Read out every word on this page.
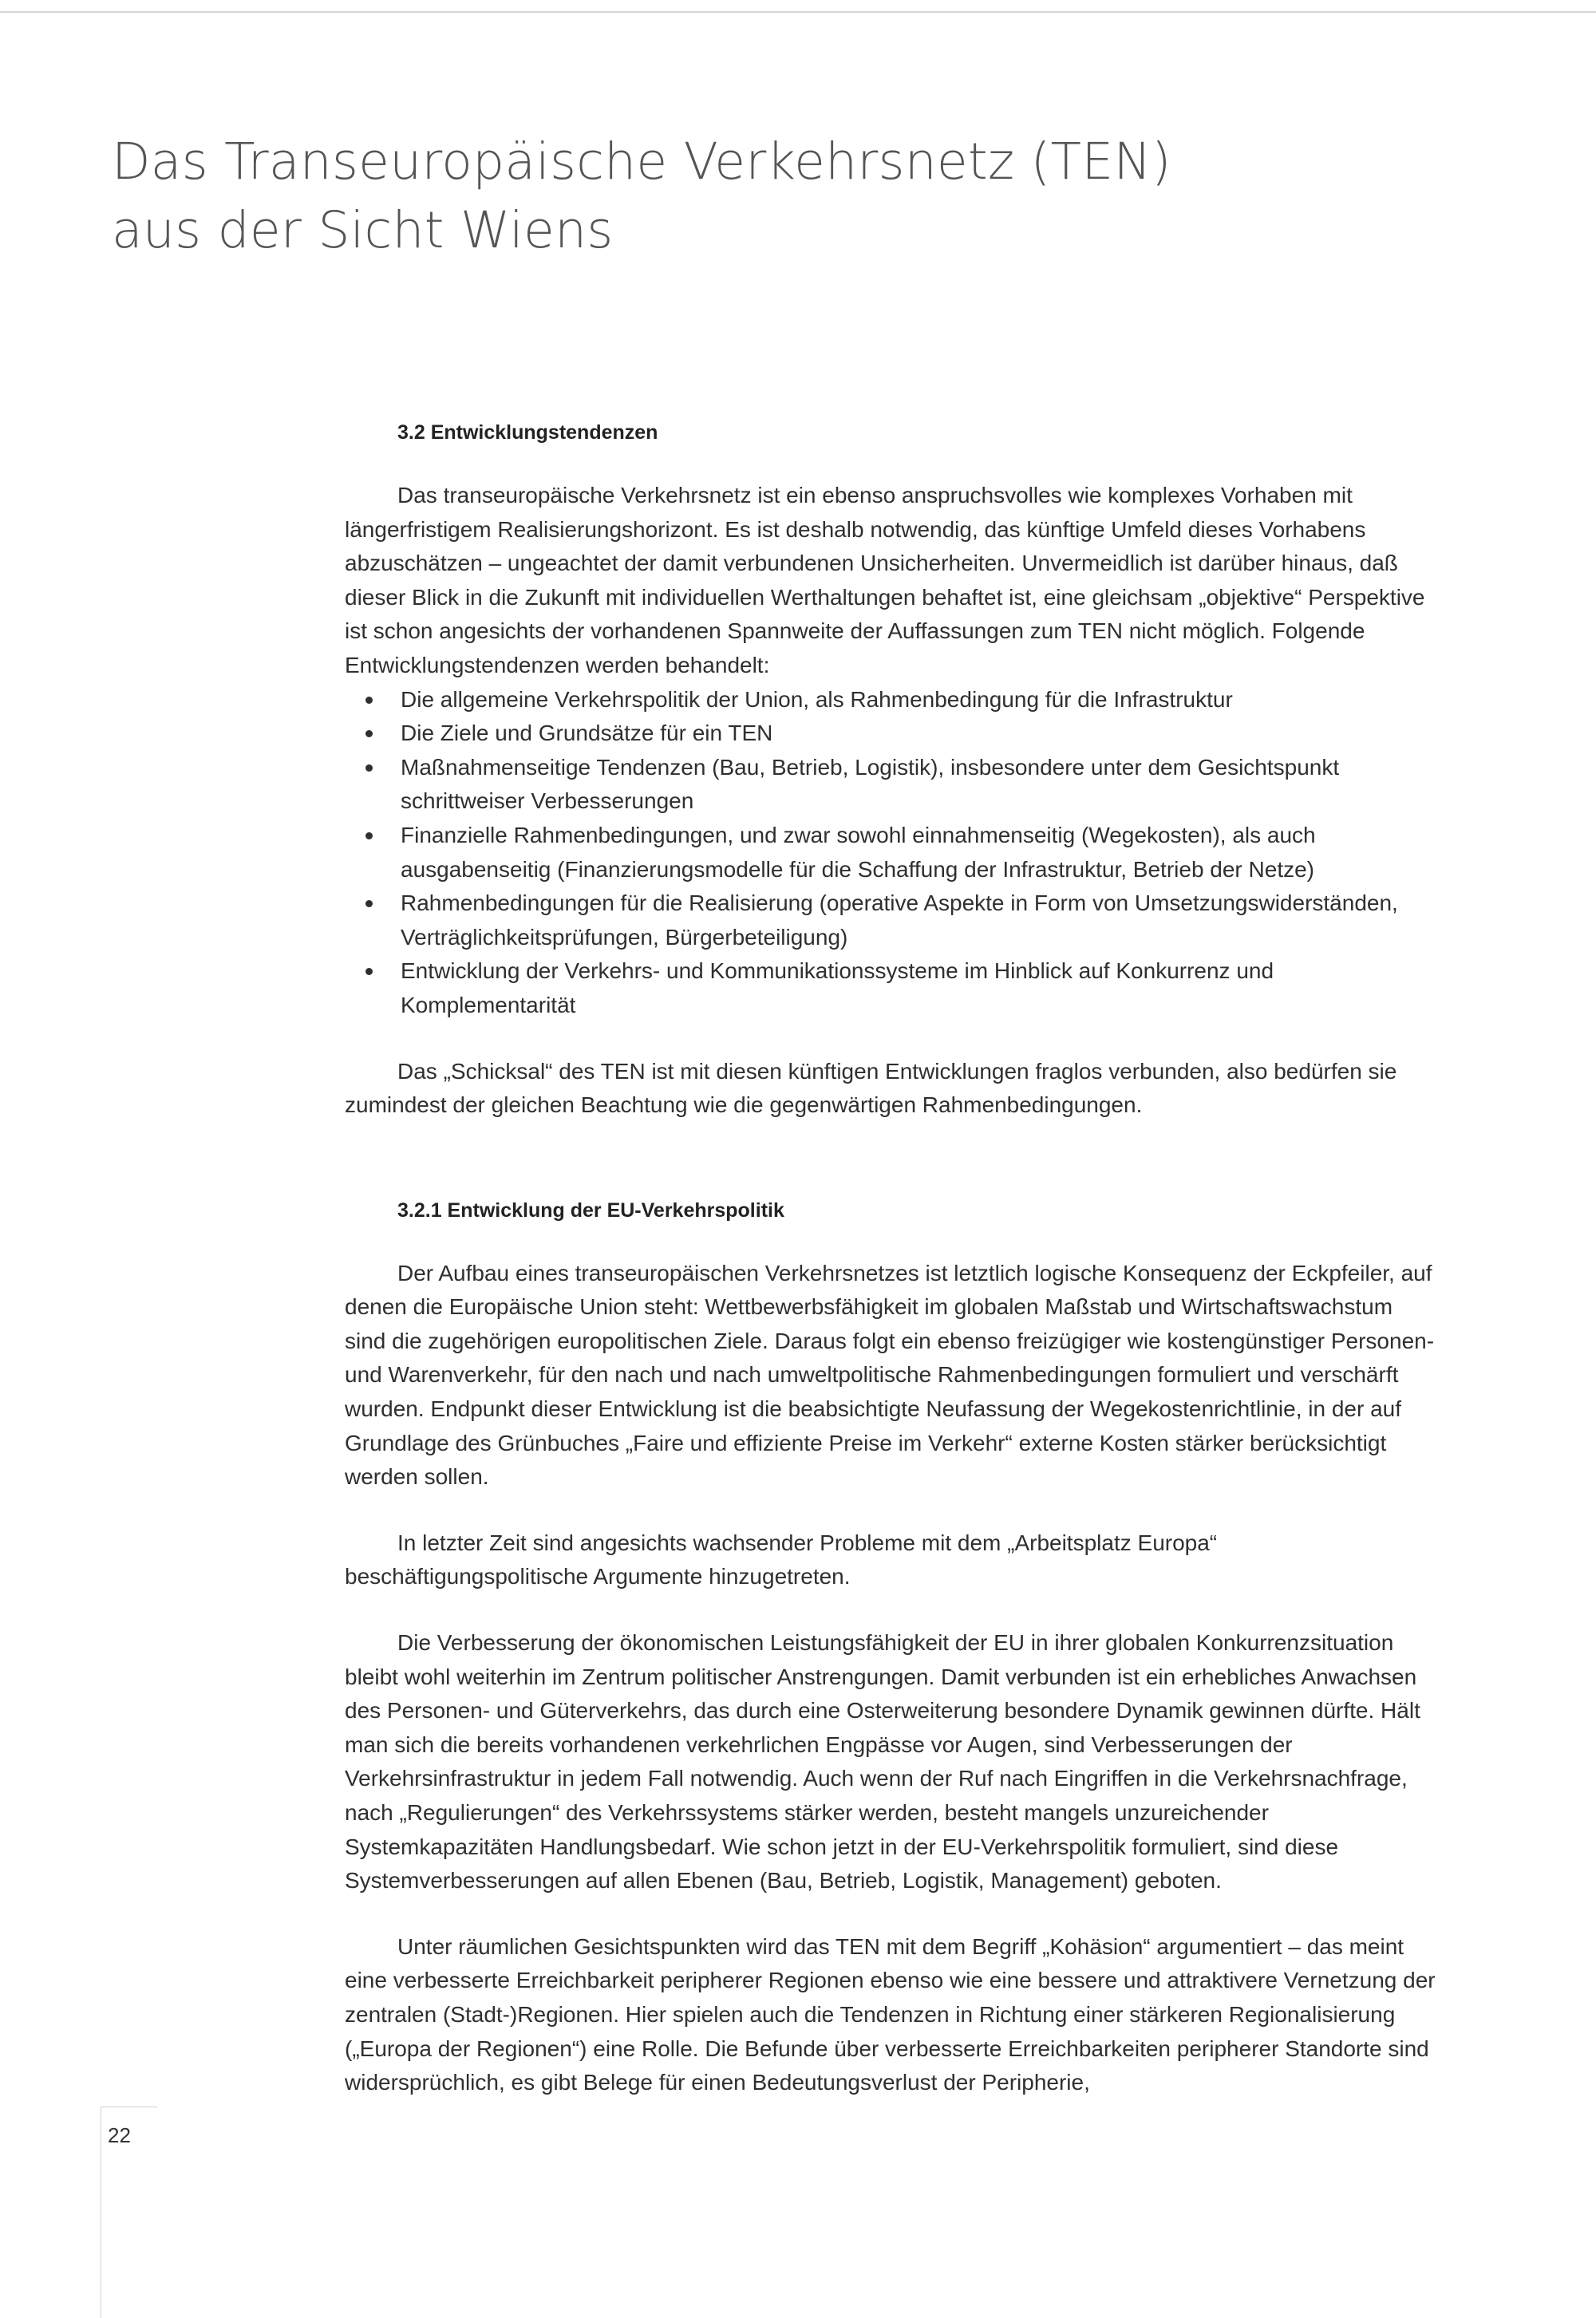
Das Transeuropäische Verkehrsnetz (TEN)
aus der Sicht Wiens
3.2 Entwicklungstendenzen

Das transeuropäische Verkehrsnetz ist ein ebenso anspruchsvolles wie komplexes Vorhaben mit längerfristigem Realisierungshorizont. Es ist deshalb notwendig, das künftige Umfeld dieses Vorhabens abzuschätzen – ungeachtet der damit verbundenen Unsicherheiten. Unvermeidlich ist darüber hinaus, daß dieser Blick in die Zukunft mit individuellen Werthaltungen behaftet ist, eine gleichsam „objektive“ Perspektive ist schon angesichts der vorhandenen Spannweite der Auffassungen zum TEN nicht möglich. Folgende Entwicklungstendenzen werden behandelt:

Die allgemeine Verkehrspolitik der Union, als Rahmenbedingung für die Infrastruktur
Die Ziele und Grundsätze für ein TEN
Maßnahmenseitige Tendenzen (Bau, Betrieb, Logistik), insbesondere unter dem Gesichtspunkt schrittweiser Verbesserungen
Finanzielle Rahmenbedingungen, und zwar sowohl einnahmenseitig (Wegekosten), als auch ausgabenseitig (Finanzierungsmodelle für die Schaffung der Infrastruktur, Betrieb der Netze)
Rahmenbedingungen für die Realisierung (operative Aspekte in Form von Umsetzungswiderständen, Verträglichkeitsprüfungen, Bürgerbeteiligung)
Entwicklung der Verkehrs- und Kommunikationssysteme im Hinblick auf Konkurrenz und Komplementarität

Das „Schicksal“ des TEN ist mit diesen künftigen Entwicklungen fraglos verbunden, also bedürfen sie zumindest der gleichen Beachtung wie die gegenwärtigen Rahmenbedingungen.

3.2.1 Entwicklung der EU-Verkehrspolitik

Der Aufbau eines transeuropäischen Verkehrsnetzes ist letztlich logische Konsequenz der Eckpfeiler, auf denen die Europäische Union steht: Wettbewerbsfähigkeit im globalen Maßstab und Wirtschaftswachstum sind die zugehörigen europolitischen Ziele. Daraus folgt ein ebenso freizügiger wie kostengünstiger Personen- und Warenverkehr, für den nach und nach umweltpolitische Rahmenbedingungen formuliert und verschärft wurden. Endpunkt dieser Entwicklung ist die beabsichtigte Neufassung der Wegekostenrichtlinie, in der auf Grundlage des Grünbuches „Faire und effiziente Preise im Verkehr“ externe Kosten stärker berücksichtigt werden sollen.

In letzter Zeit sind angesichts wachsender Probleme mit dem „Arbeitsplatz Europa“ beschäftigungspolitische Argumente hinzugetreten.

Die Verbesserung der ökonomischen Leistungsfähigkeit der EU in ihrer globalen Konkurrenzsituation bleibt wohl weiterhin im Zentrum politischer Anstrengungen. Damit verbunden ist ein erhebliches Anwachsen des Personen- und Güterverkehrs, das durch eine Osterweiterung besondere Dynamik gewinnen dürfte. Hält man sich die bereits vorhandenen verkehrlichen Engpässe vor Augen, sind Verbesserungen der Verkehrsinfrastruktur in jedem Fall notwendig. Auch wenn der Ruf nach Eingriffen in die Verkehrsnachfrage, nach „Regulierungen“ des Verkehrssystems stärker werden, besteht mangels unzureichender Systemkapazitäten Handlungsbedarf. Wie schon jetzt in der EU-Verkehrspolitik formuliert, sind diese Systemverbesserungen auf allen Ebenen (Bau, Betrieb, Logistik, Management) geboten.

Unter räumlichen Gesichtspunkten wird das TEN mit dem Begriff „Kohäsion“ argumentiert – das meint eine verbesserte Erreichbarkeit peripherer Regionen ebenso wie eine bessere und attraktivere Vernetzung der zentralen (Stadt-)Regionen. Hier spielen auch die Tendenzen in Richtung einer stärkeren Regionalisierung („Europa der Regionen“) eine Rolle. Die Befunde über verbesserte Erreichbarkeiten peripherer Standorte sind widersprüchlich, es gibt Belege für einen Bedeutungsverlust der Peripherie,

22
